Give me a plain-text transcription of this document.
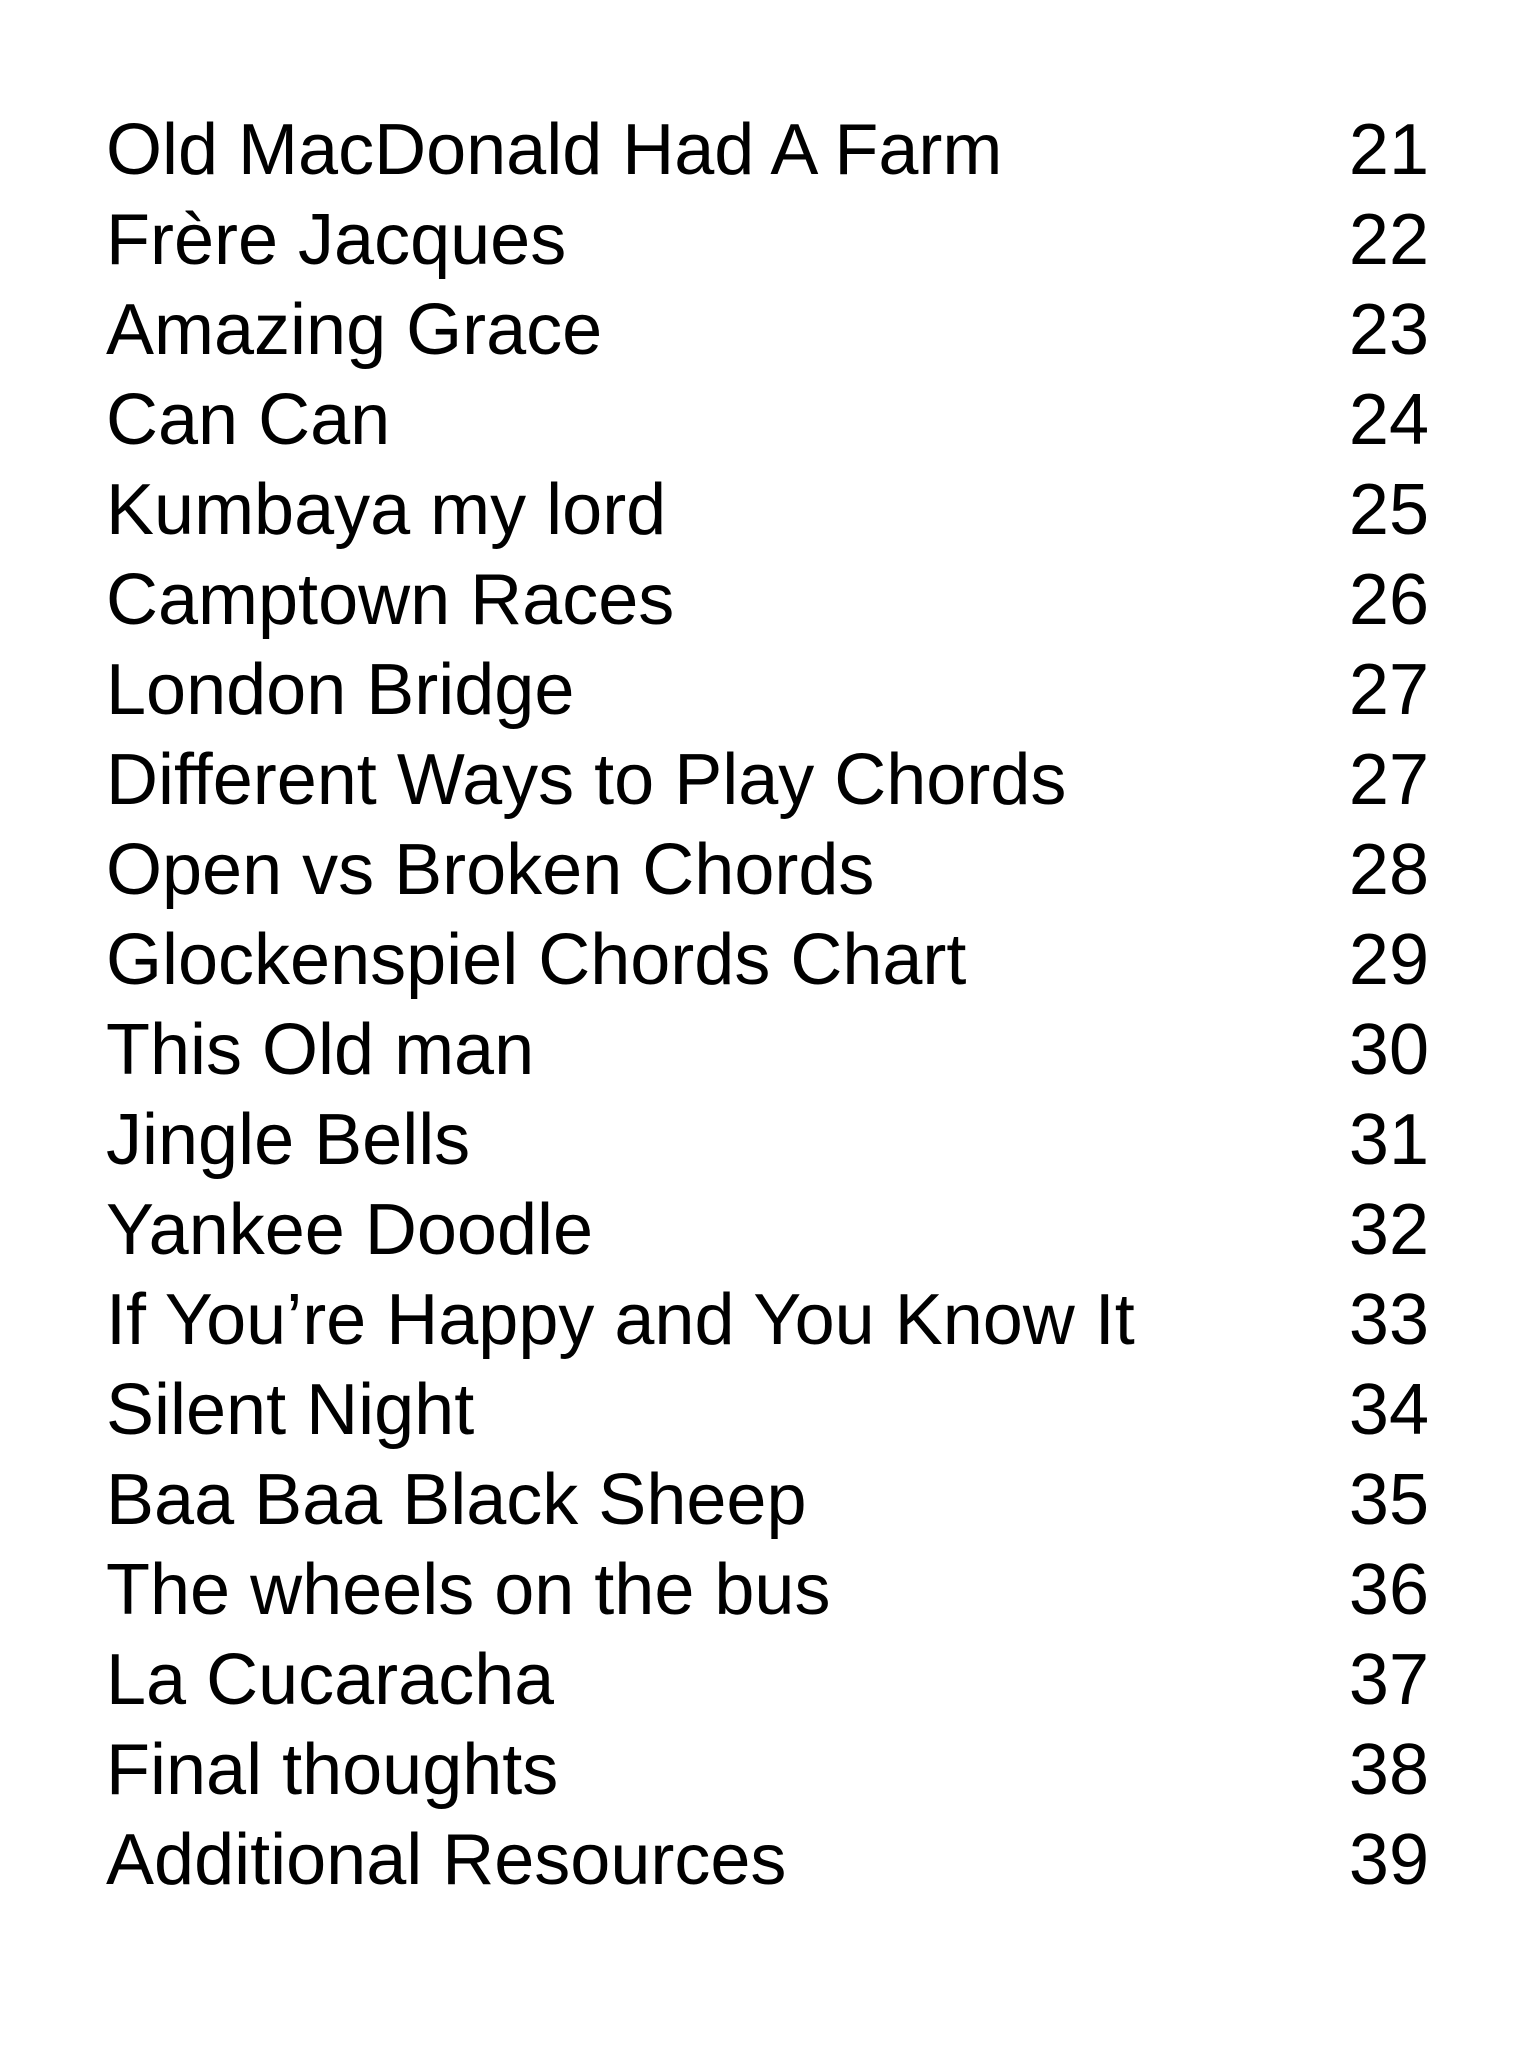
Old MacDonald Had A Farm	21
Frère Jacques	22
Amazing Grace	23
Can Can	24
Kumbaya my lord	25
Camptown Races	26
London Bridge	27
Different Ways to Play Chords	27
Open vs Broken Chords	28
Glockenspiel Chords Chart	29
This Old man	30
Jingle Bells	31
Yankee Doodle	32
If You’re Happy and You Know It	33
Silent Night	34
Baa Baa Black Sheep	35
The wheels on the bus	36
La Cucaracha	37
Final thoughts	38
Additional Resources	39
